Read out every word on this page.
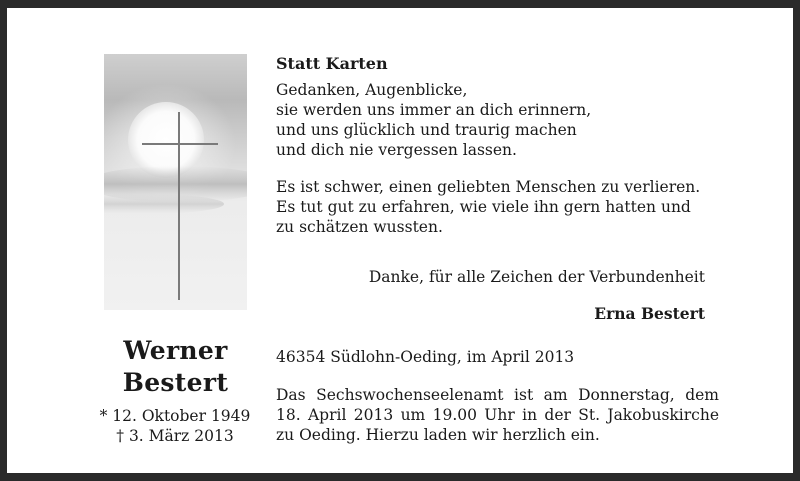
Werner
Bestert
* 12. Oktober 1949
† 3. März 2013
Statt Karten
Gedanken, Augenblicke,
sie werden uns immer an dich erinnern,
und uns glücklich und traurig machen
und dich nie vergessen lassen.
Es ist schwer, einen geliebten Menschen zu verlieren.
Es tut gut zu erfahren, wie viele ihn gern hatten und
zu schätzen wussten.
Danke, für alle Zeichen der Verbundenheit
Erna Bestert
46354 Südlohn-Oeding, im April 2013
Das Sechswochenseelenamt ist am Donnerstag, dem
18. April 2013 um 19.00 Uhr in der St. Jakobuskirche
zu Oeding. Hierzu laden wir herzlich ein.
